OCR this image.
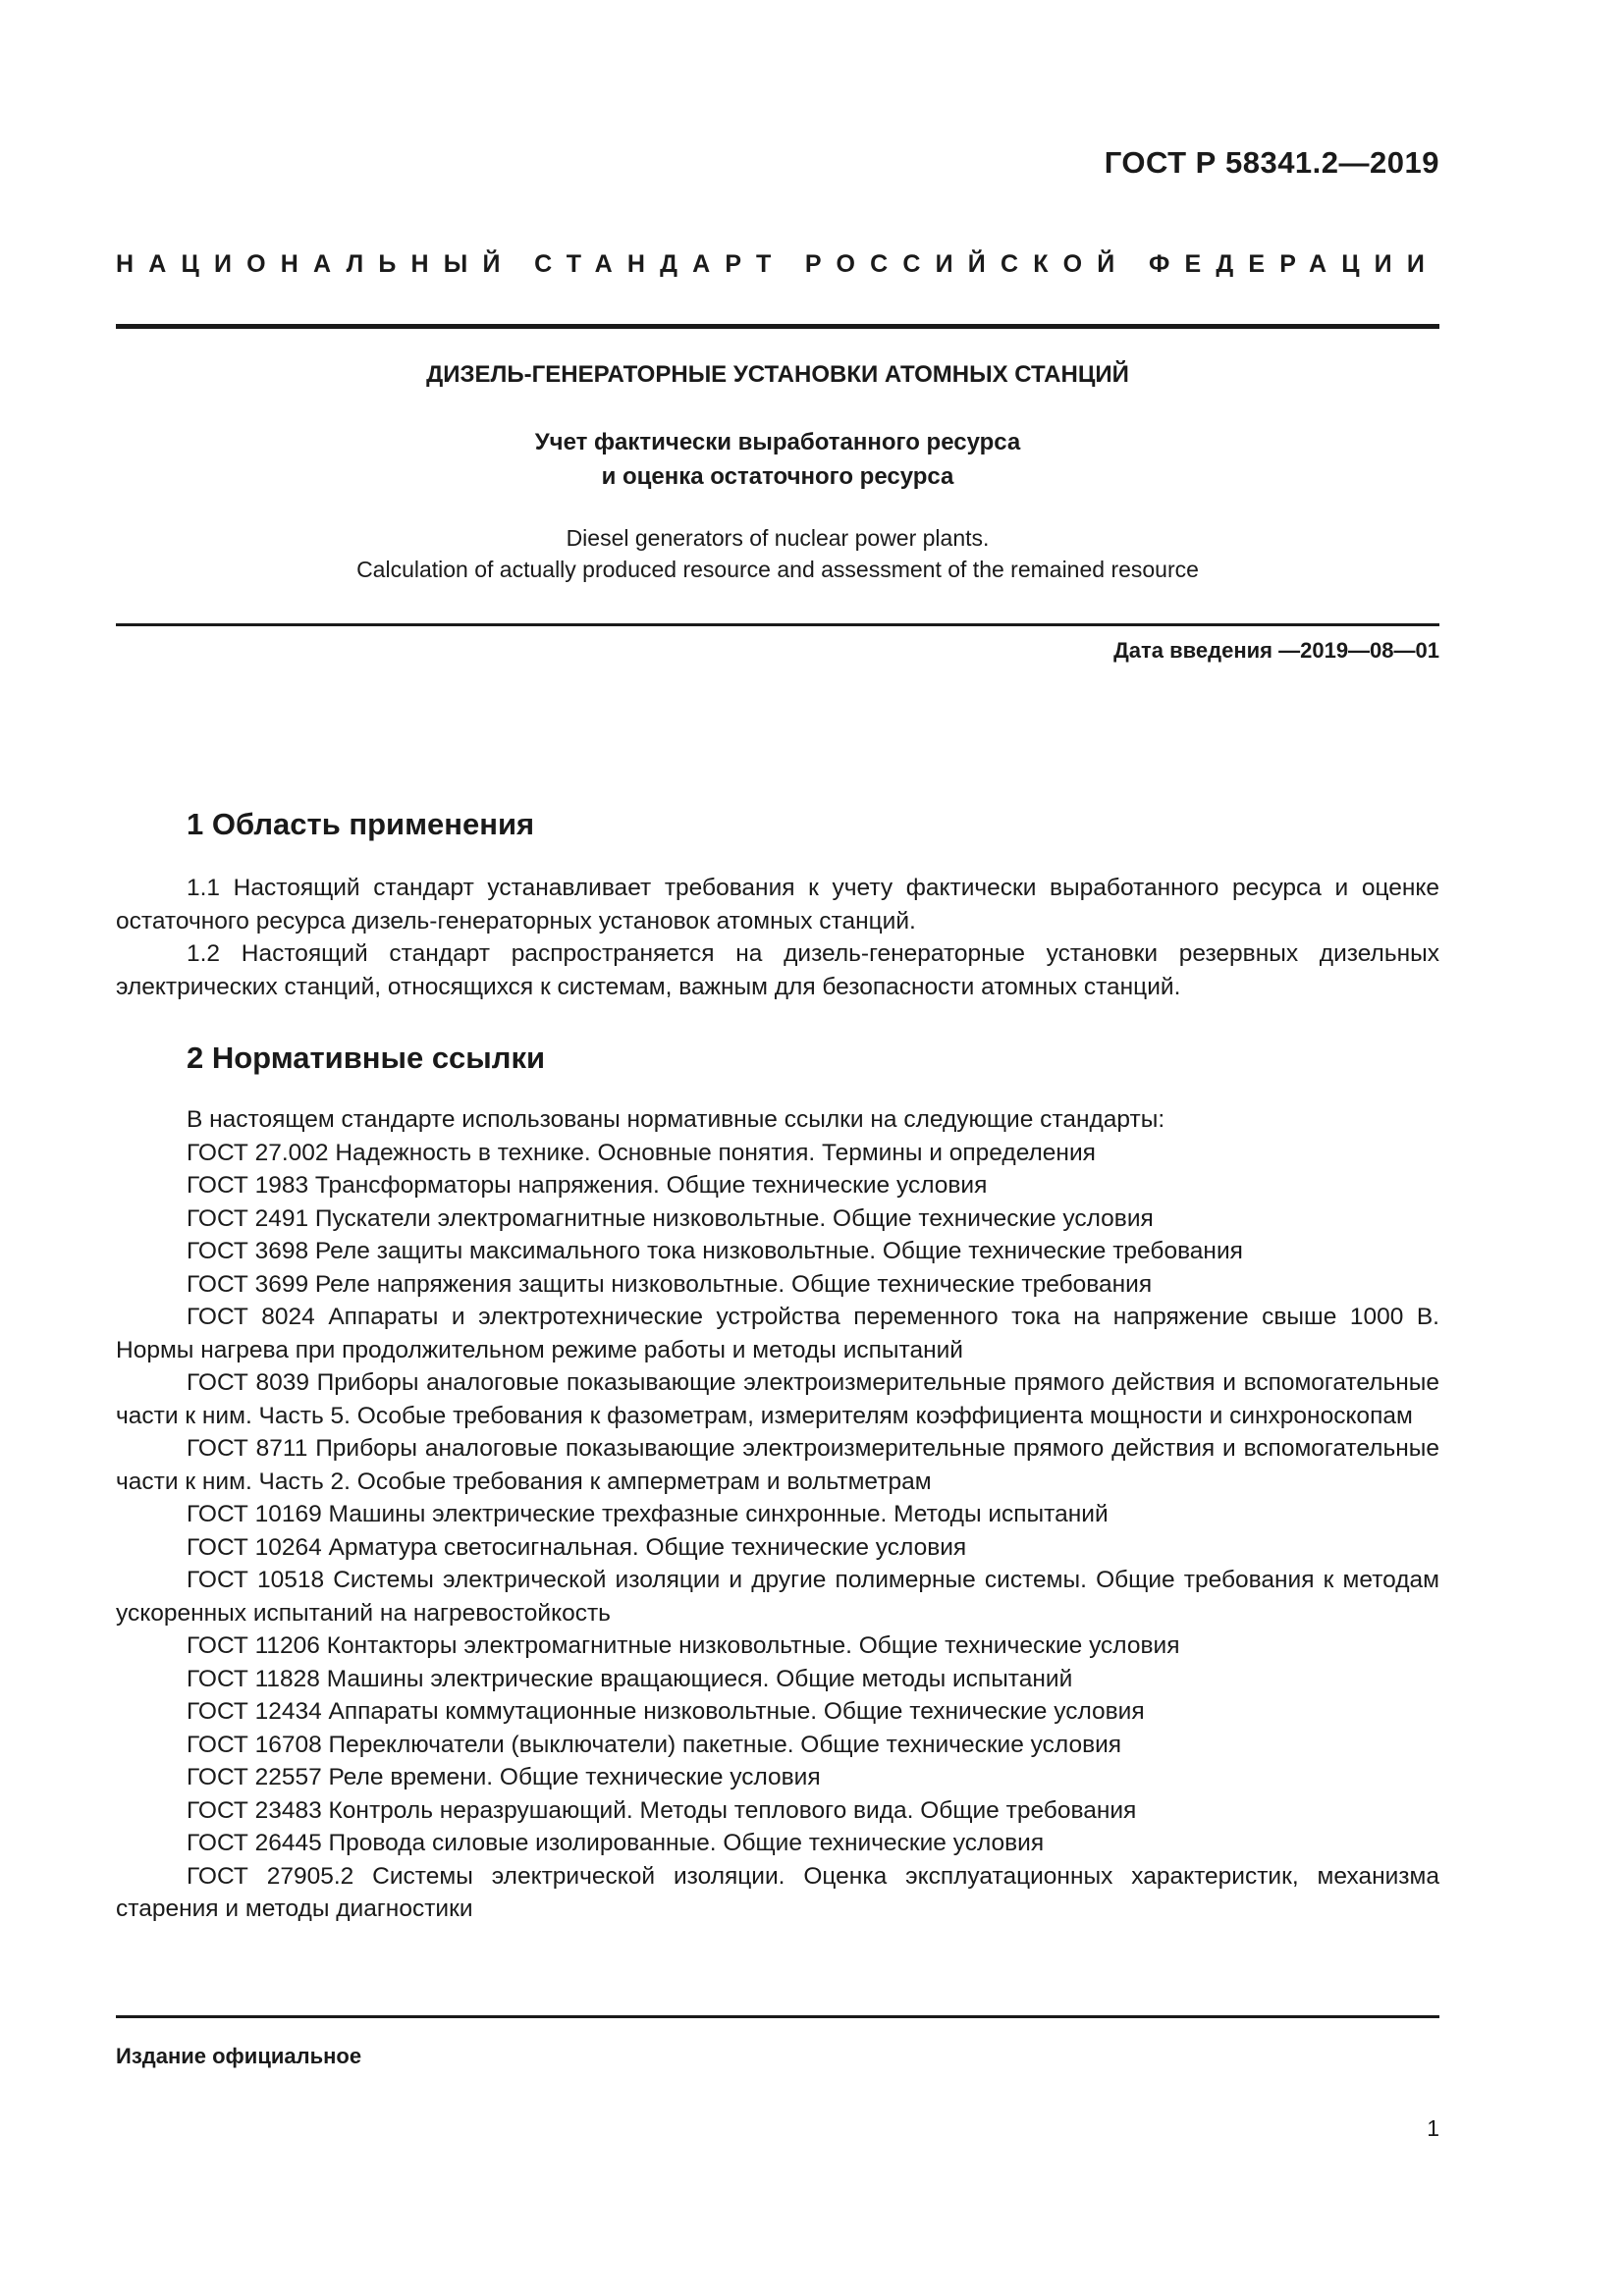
ГОСТ Р 58341.2—2019
НАЦИОНАЛЬНЫЙ СТАНДАРТ РОССИЙСКОЙ ФЕДЕРАЦИИ
ДИЗЕЛЬ-ГЕНЕРАТОРНЫЕ УСТАНОВКИ АТОМНЫХ СТАНЦИЙ
Учет фактически выработанного ресурса
и оценка остаточного ресурса
Diesel generators of nuclear power plants.
Calculation of actually produced resource and assessment of the remained resource
Дата введения —2019—08—01
1 Область применения

1.1 Настоящий стандарт устанавливает требования к учету фактически выработанного ресурса и оценке остаточного ресурса дизель-генераторных установок атомных станций.

1.2 Настоящий стандарт распространяется на дизель-генераторные установки резервных дизельных электрических станций, относящихся к системам, важным для безопасности атомных станций.

2 Нормативные ссылки

В настоящем стандарте использованы нормативные ссылки на следующие стандарты:

ГОСТ 27.002 Надежность в технике. Основные понятия. Термины и определения

ГОСТ 1983 Трансформаторы напряжения. Общие технические условия

ГОСТ 2491 Пускатели электромагнитные низковольтные. Общие технические условия

ГОСТ 3698 Реле защиты максимального тока низковольтные. Общие технические требования

ГОСТ 3699 Реле напряжения защиты низковольтные. Общие технические требования

ГОСТ 8024 Аппараты и электротехнические устройства переменного тока на напряжение свыше 1000 В. Нормы нагрева при продолжительном режиме работы и методы испытаний

ГОСТ 8039 Приборы аналоговые показывающие электроизмерительные прямого действия и вспомогательные части к ним. Часть 5. Особые требования к фазометрам, измерителям коэффициента мощности и синхроноскопам

ГОСТ 8711 Приборы аналоговые показывающие электроизмерительные прямого действия и вспомогательные части к ним. Часть 2. Особые требования к амперметрам и вольтметрам

ГОСТ 10169 Машины электрические трехфазные синхронные. Методы испытаний

ГОСТ 10264 Арматура светосигнальная. Общие технические условия

ГОСТ 10518 Системы электрической изоляции и другие полимерные системы. Общие требования к методам ускоренных испытаний на нагревостойкость

ГОСТ 11206 Контакторы электромагнитные низковольтные. Общие технические условия

ГОСТ 11828 Машины электрические вращающиеся. Общие методы испытаний

ГОСТ 12434 Аппараты коммутационные низковольтные. Общие технические условия

ГОСТ 16708 Переключатели (выключатели) пакетные. Общие технические условия

ГОСТ 22557 Реле времени. Общие технические условия

ГОСТ 23483 Контроль неразрушающий. Методы теплового вида. Общие требования

ГОСТ 26445 Провода силовые изолированные. Общие технические условия

ГОСТ 27905.2 Системы электрической изоляции. Оценка эксплуатационных характеристик, механизма старения и методы диагностики

Издание официальное
1
